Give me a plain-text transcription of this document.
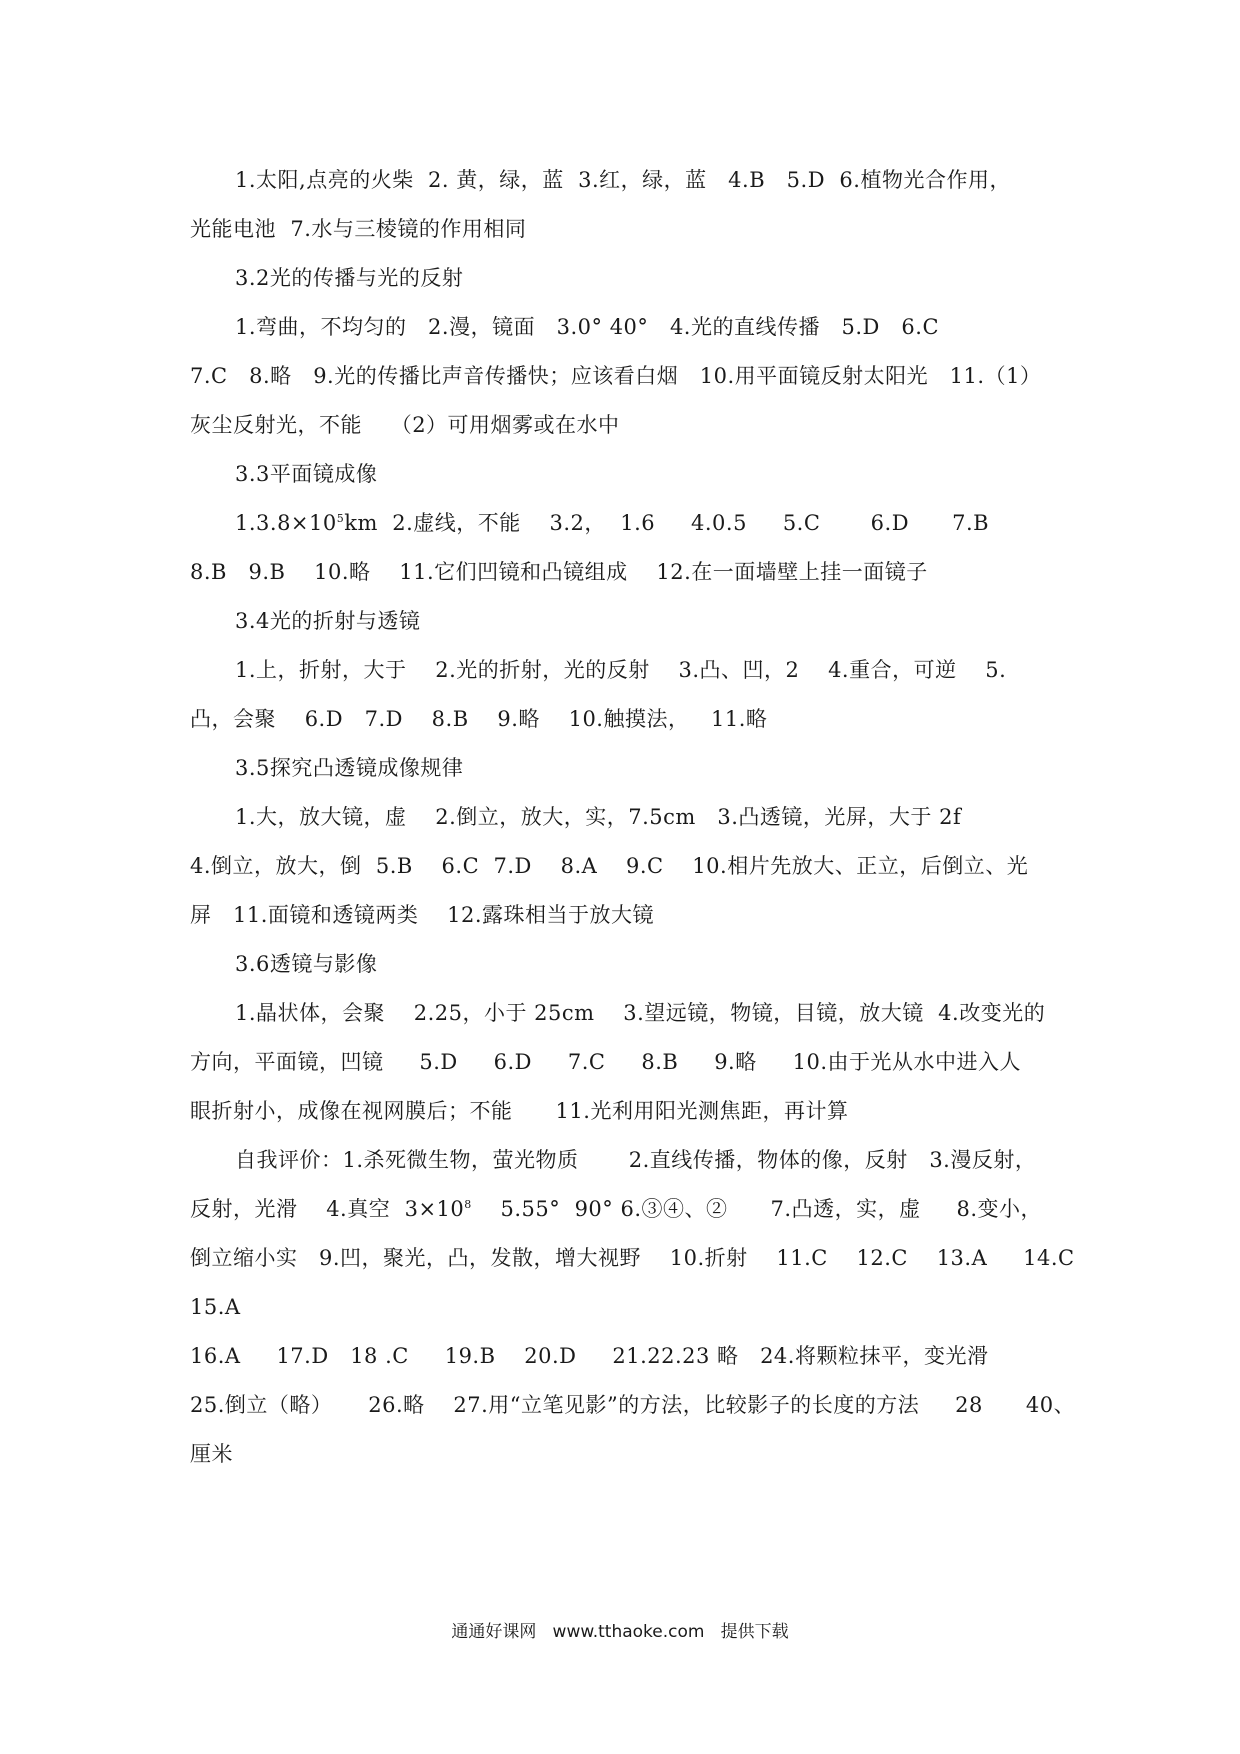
1.太阳,点亮的火柴  2. 黄，绿，蓝  3.红，绿，蓝   4.B   5.D  6.植物光合作用，
光能电池  7.水与三棱镜的作用相同
3.2光的传播与光的反射
1.弯曲，不均匀的   2.漫，镜面   3.0° 40°   4.光的直线传播   5.D   6.C
7.C   8.略   9.光的传播比声音传播快；应该看白烟   10.用平面镜反射太阳光   11.（1）
灰尘反射光，不能    （2）可用烟雾或在水中
3.3平面镜成像
$1.3.8\times 10^5km$  2.虚线，不能    3.2，  1.6     4.0.5     5.C       6.D      7.B
8.B   9.B    10.略    11.它们凹镜和凸镜组成    12.在一面墙壁上挂一面镜子
3.4光的折射与透镜
1.上，折射，大于    2.光的折射，光的反射    3.凸、凹，2    4.重合，可逆    5.
凸，会聚    6.D   7.D    8.B    9.略    10.触摸法，   11.略
3.5探究凸透镜成像规律
1.大，放大镜，虚    2.倒立，放大，实，7.5cm   3.凸透镜，光屏，大于 2f
4.倒立，放大，倒  5.B    6.C  7.D    8.A    9.C    10.相片先放大、正立，后倒立、光
屏   11.面镜和透镜两类    12.露珠相当于放大镜
3.6透镜与影像
1.晶状体，会聚    2.25，小于 25cm    3.望远镜，物镜，目镜，放大镜  4.改变光的
方向，平面镜，凹镜     5.D     6.D     7.C     8.B     9.略     10.由于光从水中进入人
眼折射小，成像在视网膜后；不能      11.光利用阳光测焦距，再计算
自我评价：1.杀死微生物，萤光物质       2.直线传播，物体的像，反射   3.漫反射，
反射，光滑    4.真空  $3\times 10^8$    5.55°  90° 6.③④、②      7.凸透，实，虚     8.变小，
倒立缩小实   9.凹，聚光，凸，发散，增大视野    10.折射    11.C    12.C    13.A     14.C
15.A
16.A     17.D   18 .C     19.B    20.D     21.22.23 略   24.将颗粒抹平，变光滑
25.倒立（略）     26.略    27.用“立笔见影”的方法，比较影子的长度的方法     28      40、
厘米
通通好课网   www.tthaoke.com   提供下载
